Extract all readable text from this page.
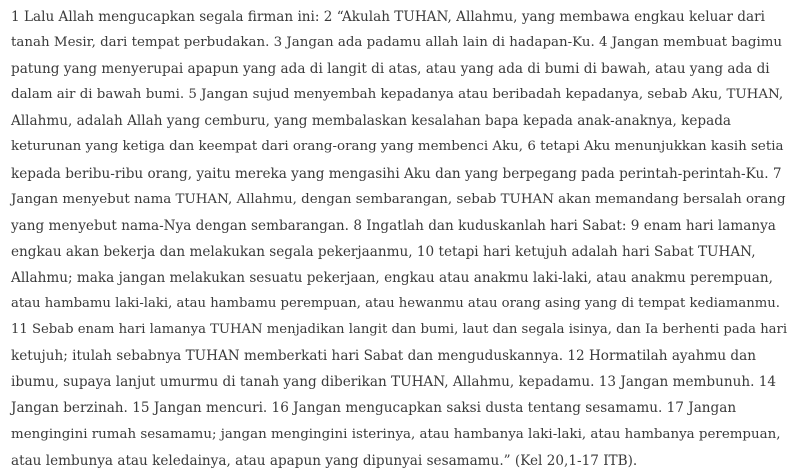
1 Lalu Allah mengucapkan segala firman ini: 2 “Akulah TUHAN, Allahmu, yang membawa engkau keluar dari
tanah Mesir, dari tempat perbudakan. 3 Jangan ada padamu allah lain di hadapan-Ku. 4 Jangan membuat bagimu
patung yang menyerupai apapun yang ada di langit di atas, atau yang ada di bumi di bawah, atau yang ada di
dalam air di bawah bumi. 5 Jangan sujud menyembah kepadanya atau beribadah kepadanya, sebab Aku, TUHAN,
Allahmu, adalah Allah yang cemburu, yang membalaskan kesalahan bapa kepada anak-anaknya, kepada
keturunan yang ketiga dan keempat dari orang-orang yang membenci Aku, 6 tetapi Aku menunjukkan kasih setia
kepada beribu-ribu orang, yaitu mereka yang mengasihi Aku dan yang berpegang pada perintah-perintah-Ku. 7
Jangan menyebut nama TUHAN, Allahmu, dengan sembarangan, sebab TUHAN akan memandang bersalah orang
yang menyebut nama-Nya dengan sembarangan. 8 Ingatlah dan kuduskanlah hari Sabat: 9 enam hari lamanya
engkau akan bekerja dan melakukan segala pekerjaanmu, 10 tetapi hari ketujuh adalah hari Sabat TUHAN,
Allahmu; maka jangan melakukan sesuatu pekerjaan, engkau atau anakmu laki-laki, atau anakmu perempuan,
atau hambamu laki-laki, atau hambamu perempuan, atau hewanmu atau orang asing yang di tempat kediamanmu.
11 Sebab enam hari lamanya TUHAN menjadikan langit dan bumi, laut dan segala isinya, dan Ia berhenti pada hari
ketujuh; itulah sebabnya TUHAN memberkati hari Sabat dan menguduskannya. 12 Hormatilah ayahmu dan
ibumu, supaya lanjut umurmu di tanah yang diberikan TUHAN, Allahmu, kepadamu. 13 Jangan membunuh. 14
Jangan berzinah. 15 Jangan mencuri. 16 Jangan mengucapkan saksi dusta tentang sesamamu. 17 Jangan
mengingini rumah sesamamu; jangan mengingini isterinya, atau hambanya laki-laki, atau hambanya perempuan,
atau lembunya atau keledainya, atau apapun yang dipunyai sesamamu.” (Kel 20,1-17 ITB).
